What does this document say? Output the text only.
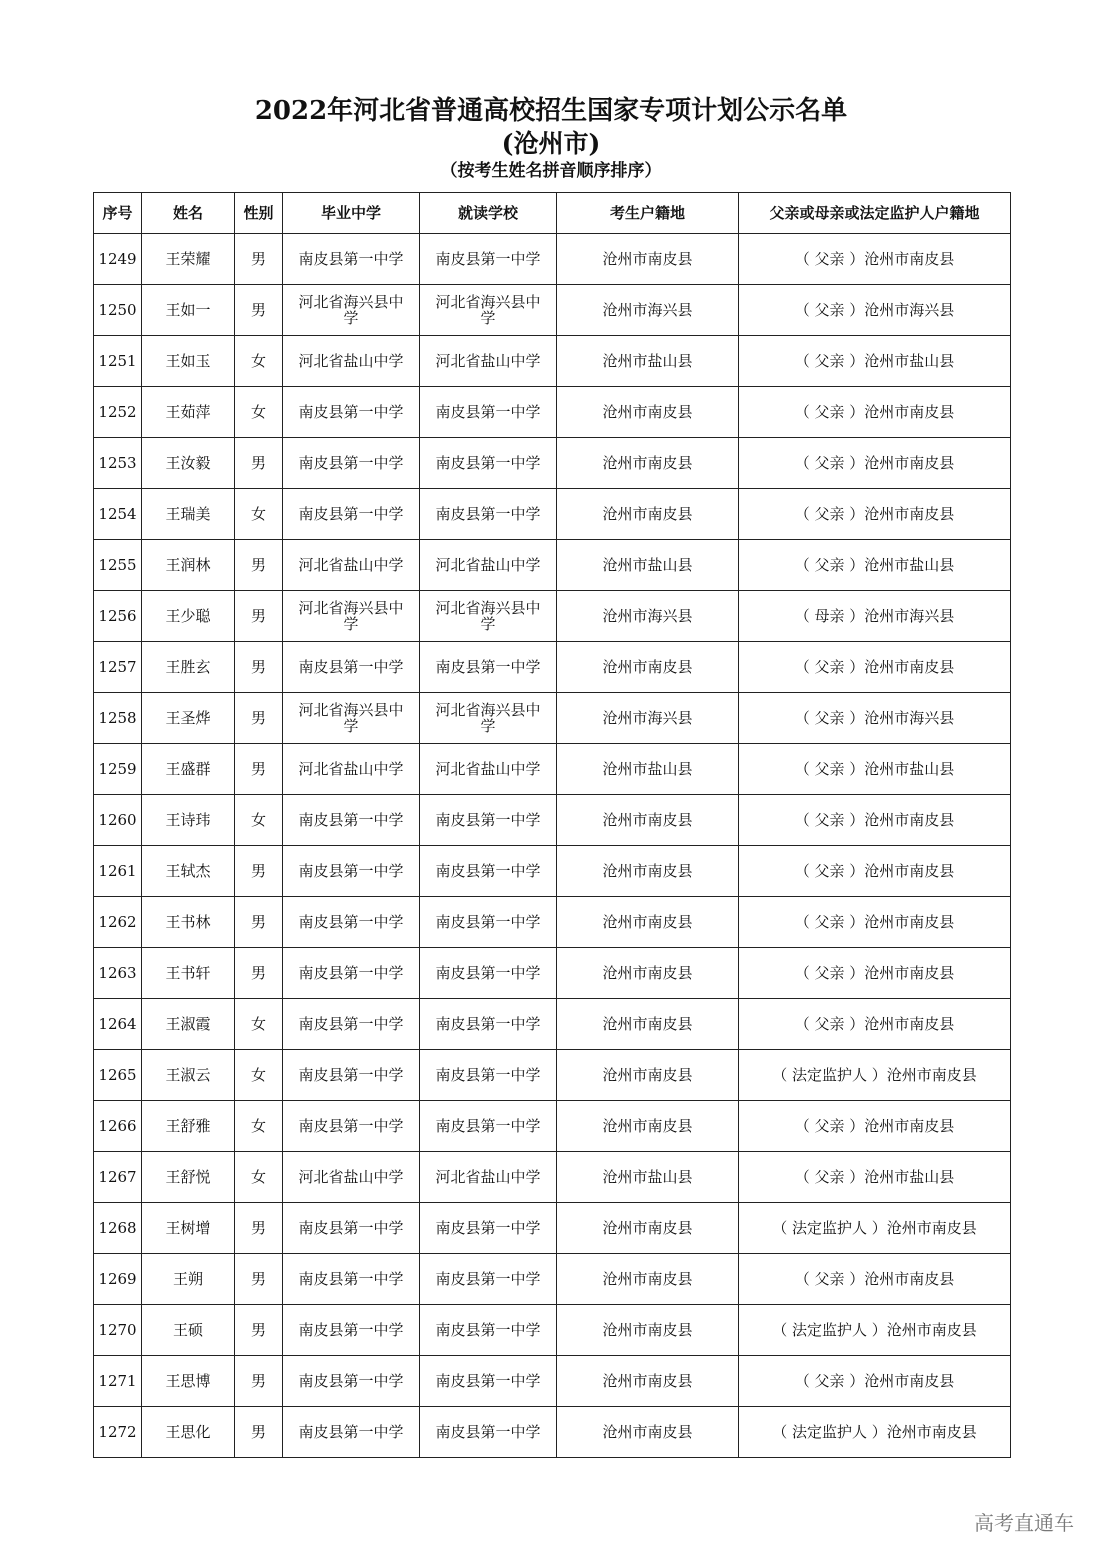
2022年河北省普通高校招生国家专项计划公示名单
(沧州市)
（按考生姓名拼音顺序排序）
序号	姓名	性别	毕业中学	就读学校	考生户籍地	父亲或母亲或法定监护人户籍地
1249	王荣耀	男	南皮县第一中学	南皮县第一中学	沧州市南皮县	（ 父亲 ）沧州市南皮县
1250	王如一	男	河北省海兴县中学	河北省海兴县中学	沧州市海兴县	（ 父亲 ）沧州市海兴县
1251	王如玉	女	河北省盐山中学	河北省盐山中学	沧州市盐山县	（ 父亲 ）沧州市盐山县
1252	王茹萍	女	南皮县第一中学	南皮县第一中学	沧州市南皮县	（ 父亲 ）沧州市南皮县
1253	王汝毅	男	南皮县第一中学	南皮县第一中学	沧州市南皮县	（ 父亲 ）沧州市南皮县
1254	王瑞美	女	南皮县第一中学	南皮县第一中学	沧州市南皮县	（ 父亲 ）沧州市南皮县
1255	王润林	男	河北省盐山中学	河北省盐山中学	沧州市盐山县	（ 父亲 ）沧州市盐山县
1256	王少聪	男	河北省海兴县中学	河北省海兴县中学	沧州市海兴县	（ 母亲 ）沧州市海兴县
1257	王胜玄	男	南皮县第一中学	南皮县第一中学	沧州市南皮县	（ 父亲 ）沧州市南皮县
1258	王圣烨	男	河北省海兴县中学	河北省海兴县中学	沧州市海兴县	（ 父亲 ）沧州市海兴县
1259	王盛群	男	河北省盐山中学	河北省盐山中学	沧州市盐山县	（ 父亲 ）沧州市盐山县
1260	王诗玮	女	南皮县第一中学	南皮县第一中学	沧州市南皮县	（ 父亲 ）沧州市南皮县
1261	王轼杰	男	南皮县第一中学	南皮县第一中学	沧州市南皮县	（ 父亲 ）沧州市南皮县
1262	王书林	男	南皮县第一中学	南皮县第一中学	沧州市南皮县	（ 父亲 ）沧州市南皮县
1263	王书轩	男	南皮县第一中学	南皮县第一中学	沧州市南皮县	（ 父亲 ）沧州市南皮县
1264	王淑霞	女	南皮县第一中学	南皮县第一中学	沧州市南皮县	（ 父亲 ）沧州市南皮县
1265	王淑云	女	南皮县第一中学	南皮县第一中学	沧州市南皮县	（ 法定监护人 ）沧州市南皮县
1266	王舒雅	女	南皮县第一中学	南皮县第一中学	沧州市南皮县	（ 父亲 ）沧州市南皮县
1267	王舒悦	女	河北省盐山中学	河北省盐山中学	沧州市盐山县	（ 父亲 ）沧州市盐山县
1268	王树增	男	南皮县第一中学	南皮县第一中学	沧州市南皮县	（ 法定监护人 ）沧州市南皮县
1269	王朔	男	南皮县第一中学	南皮县第一中学	沧州市南皮县	（ 父亲 ）沧州市南皮县
1270	王硕	男	南皮县第一中学	南皮县第一中学	沧州市南皮县	（ 法定监护人 ）沧州市南皮县
1271	王思博	男	南皮县第一中学	南皮县第一中学	沧州市南皮县	（ 父亲 ）沧州市南皮县
1272	王思化	男	南皮县第一中学	南皮县第一中学	沧州市南皮县	（ 法定监护人 ）沧州市南皮县
高考直通车
